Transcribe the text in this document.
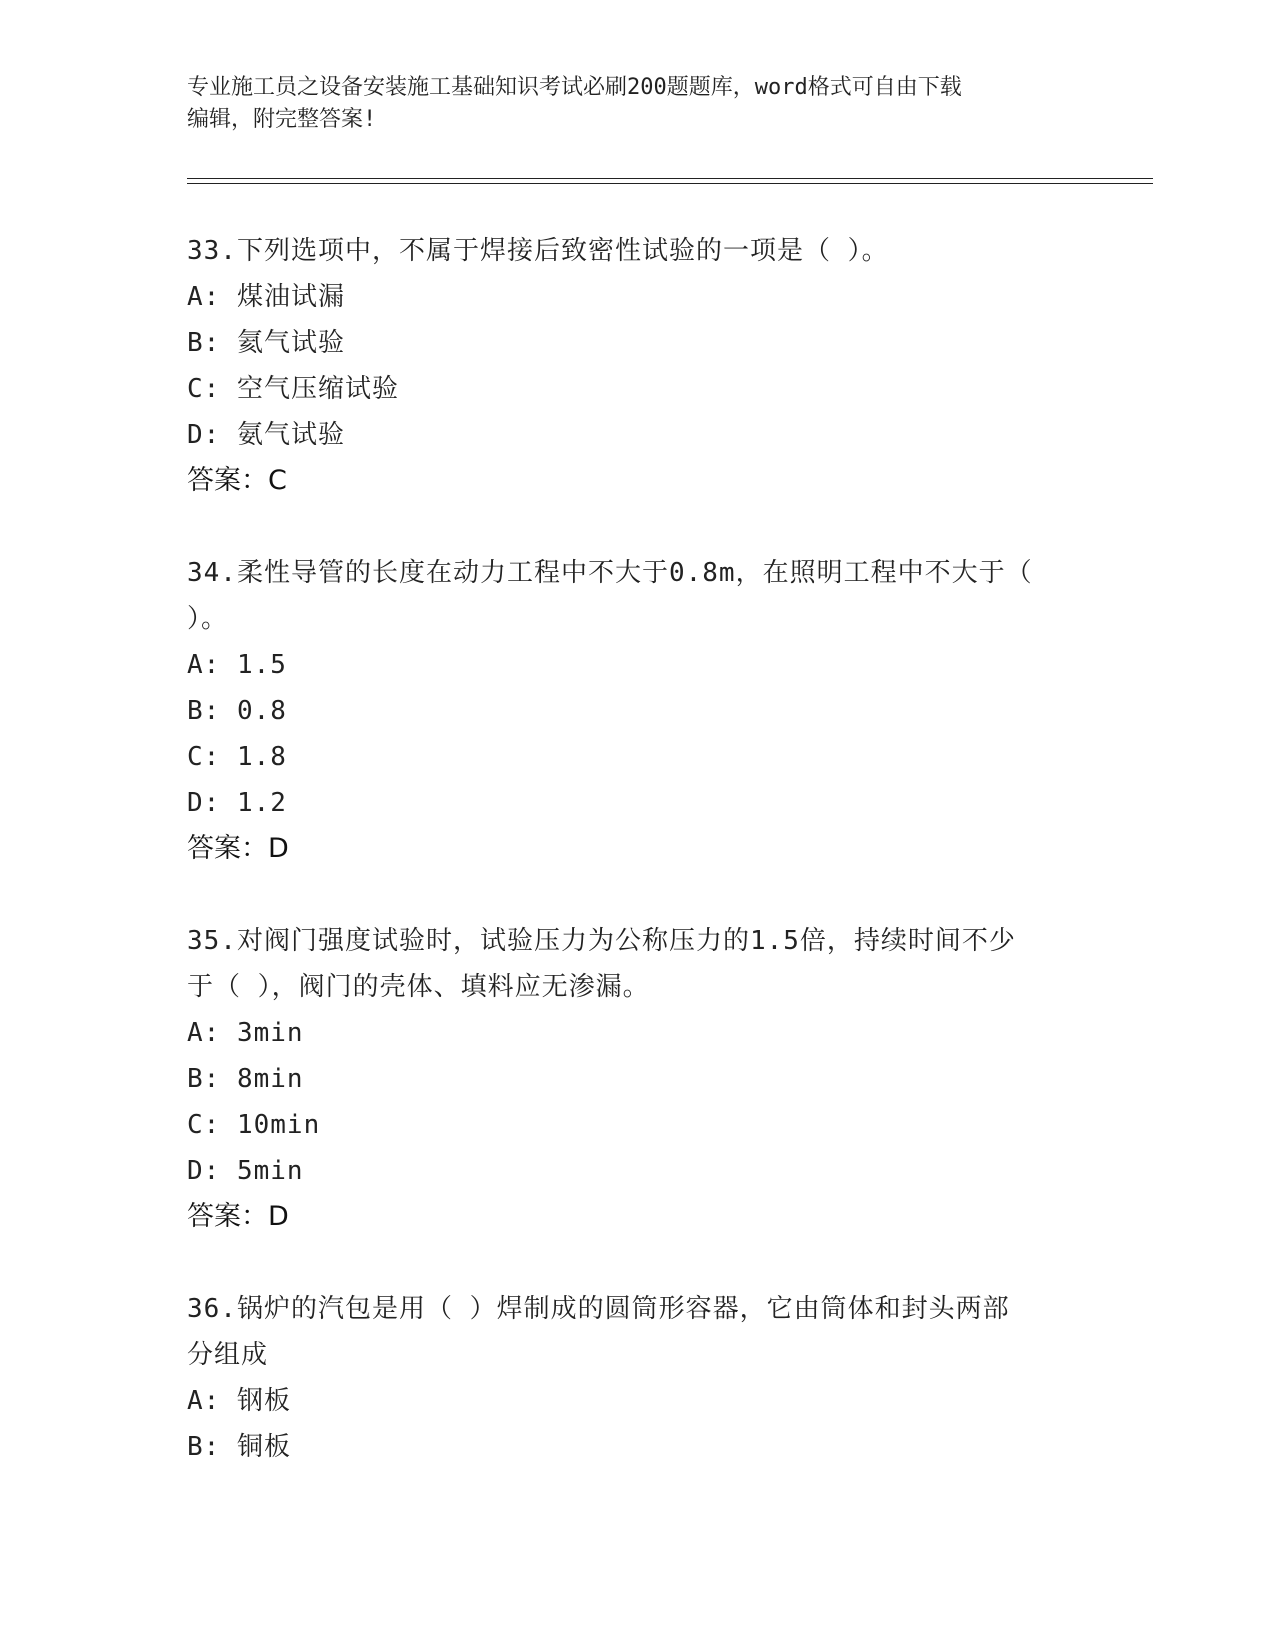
专业施工员之设备安装施工基础知识考试必刷200题题库，word格式可自由下载
编辑，附完整答案!
33.下列选项中，不属于焊接后致密性试验的一项是（ ）。
A: 煤油试漏
B: 氦气试验
C: 空气压缩试验
D: 氨气试验
答案：C
34.柔性导管的长度在动力工程中不大于0.8m，在照明工程中不大于（
）。
A: 1.5
B: 0.8
C: 1.8
D: 1.2
答案：D
35.对阀门强度试验时，试验压力为公称压力的1.5倍，持续时间不少
于（ ），阀门的壳体、填料应无渗漏。
A: 3min
B: 8min
C: 10min
D: 5min
答案：D
36.锅炉的汽包是用（ ）焊制成的圆筒形容器，它由筒体和封头两部
分组成
A: 钢板
B: 铜板
